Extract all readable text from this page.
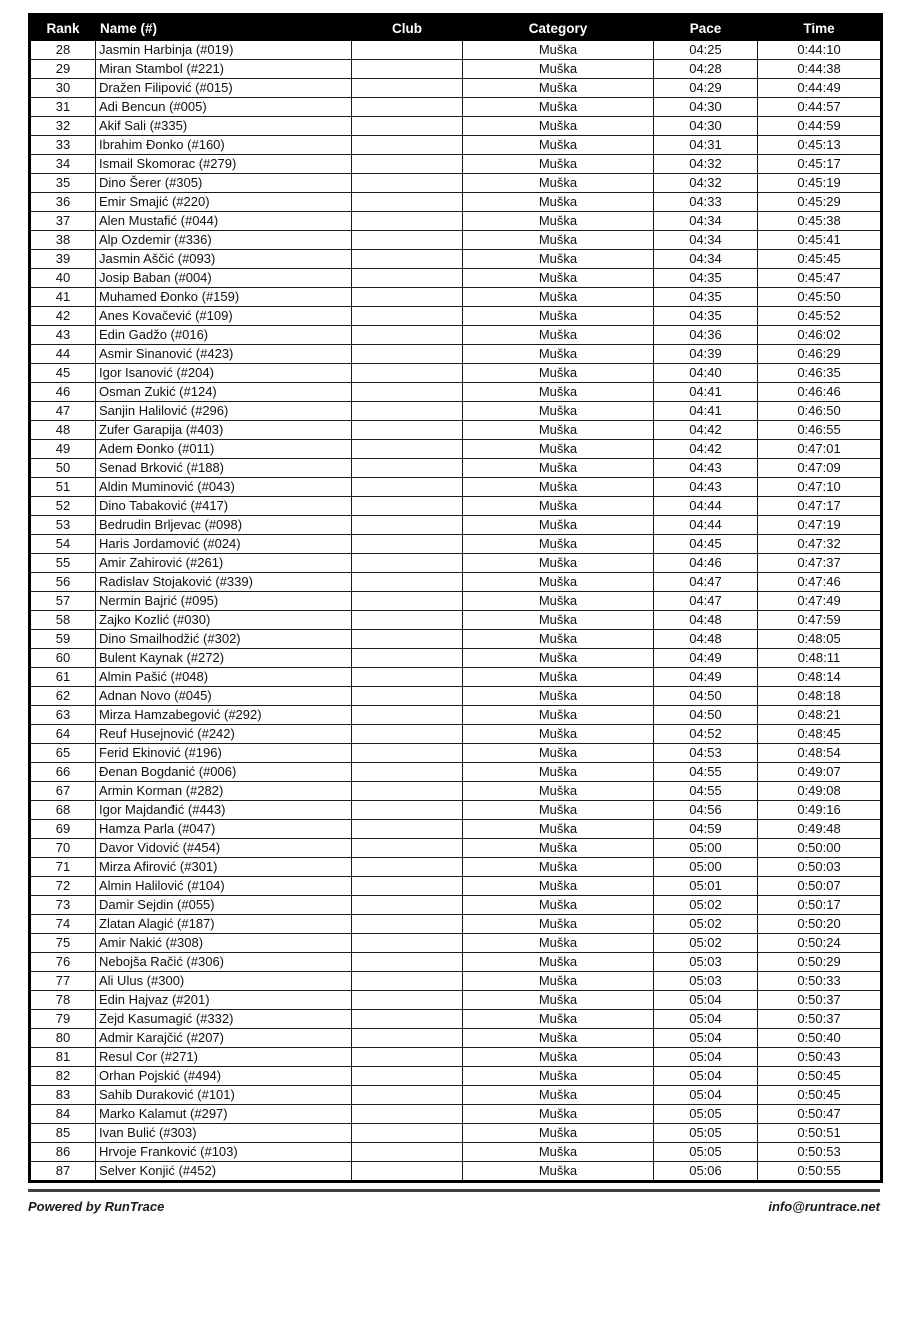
Rank	Name (#)	Club	Category	Pace	Time
28	Jasmin Harbinja (#019)		Muška	04:25	0:44:10
29	Miran Stambol (#221)		Muška	04:28	0:44:38
30	Dražen Filipović (#015)		Muška	04:29	0:44:49
31	Adi Bencun (#005)		Muška	04:30	0:44:57
32	Akif Sali (#335)		Muška	04:30	0:44:59
33	Ibrahim Đonko (#160)		Muška	04:31	0:45:13
34	Ismail Skomorac (#279)		Muška	04:32	0:45:17
35	Dino Šerer (#305)		Muška	04:32	0:45:19
36	Emir Smajić (#220)		Muška	04:33	0:45:29
37	Alen Mustafić (#044)		Muška	04:34	0:45:38
38	Alp Ozdemir (#336)		Muška	04:34	0:45:41
39	Jasmin Aščić (#093)		Muška	04:34	0:45:45
40	Josip Baban (#004)		Muška	04:35	0:45:47
41	Muhamed Đonko (#159)		Muška	04:35	0:45:50
42	Anes Kovačević (#109)		Muška	04:35	0:45:52
43	Edin Gadžo (#016)		Muška	04:36	0:46:02
44	Asmir Sinanović (#423)		Muška	04:39	0:46:29
45	Igor Isanović (#204)		Muška	04:40	0:46:35
46	Osman Zukić (#124)		Muška	04:41	0:46:46
47	Sanjin Halilović (#296)		Muška	04:41	0:46:50
48	Zufer Garapija (#403)		Muška	04:42	0:46:55
49	Adem Đonko (#011)		Muška	04:42	0:47:01
50	Senad Brković (#188)		Muška	04:43	0:47:09
51	Aldin Muminović (#043)		Muška	04:43	0:47:10
52	Dino Tabaković (#417)		Muška	04:44	0:47:17
53	Bedrudin Brljevac (#098)		Muška	04:44	0:47:19
54	Haris Jordamović (#024)		Muška	04:45	0:47:32
55	Amir Zahirović (#261)		Muška	04:46	0:47:37
56	Radislav Stojaković (#339)		Muška	04:47	0:47:46
57	Nermin Bajrić (#095)		Muška	04:47	0:47:49
58	Zajko Kozlić (#030)		Muška	04:48	0:47:59
59	Dino Smailhodžić (#302)		Muška	04:48	0:48:05
60	Bulent Kaynak (#272)		Muška	04:49	0:48:11
61	Almin Pašić (#048)		Muška	04:49	0:48:14
62	Adnan Novo (#045)		Muška	04:50	0:48:18
63	Mirza Hamzabegović (#292)		Muška	04:50	0:48:21
64	Reuf Husejnović (#242)		Muška	04:52	0:48:45
65	Ferid Ekinović (#196)		Muška	04:53	0:48:54
66	Đenan Bogdanić (#006)		Muška	04:55	0:49:07
67	Armin Korman (#282)		Muška	04:55	0:49:08
68	Igor Majdanđić (#443)		Muška	04:56	0:49:16
69	Hamza Parla (#047)		Muška	04:59	0:49:48
70	Davor Vidović (#454)		Muška	05:00	0:50:00
71	Mirza Afirović (#301)		Muška	05:00	0:50:03
72	Almin Halilović (#104)		Muška	05:01	0:50:07
73	Damir Sejdin (#055)		Muška	05:02	0:50:17
74	Zlatan Alagić (#187)		Muška	05:02	0:50:20
75	Amir Nakić (#308)		Muška	05:02	0:50:24
76	Nebojša Račić (#306)		Muška	05:03	0:50:29
77	Ali Ulus (#300)		Muška	05:03	0:50:33
78	Edin Hajvaz (#201)		Muška	05:04	0:50:37
79	Zejd Kasumagić (#332)		Muška	05:04	0:50:37
80	Admir Karajčić (#207)		Muška	05:04	0:50:40
81	Resul Cor (#271)		Muška	05:04	0:50:43
82	Orhan Pojskić (#494)		Muška	05:04	0:50:45
83	Sahib Duraković (#101)		Muška	05:04	0:50:45
84	Marko Kalamut (#297)		Muška	05:05	0:50:47
85	Ivan Bulić (#303)		Muška	05:05	0:50:51
86	Hrvoje Franković (#103)		Muška	05:05	0:50:53
87	Selver Konjić (#452)		Muška	05:06	0:50:55
Powered by RunTrace	info@runtrace.net
